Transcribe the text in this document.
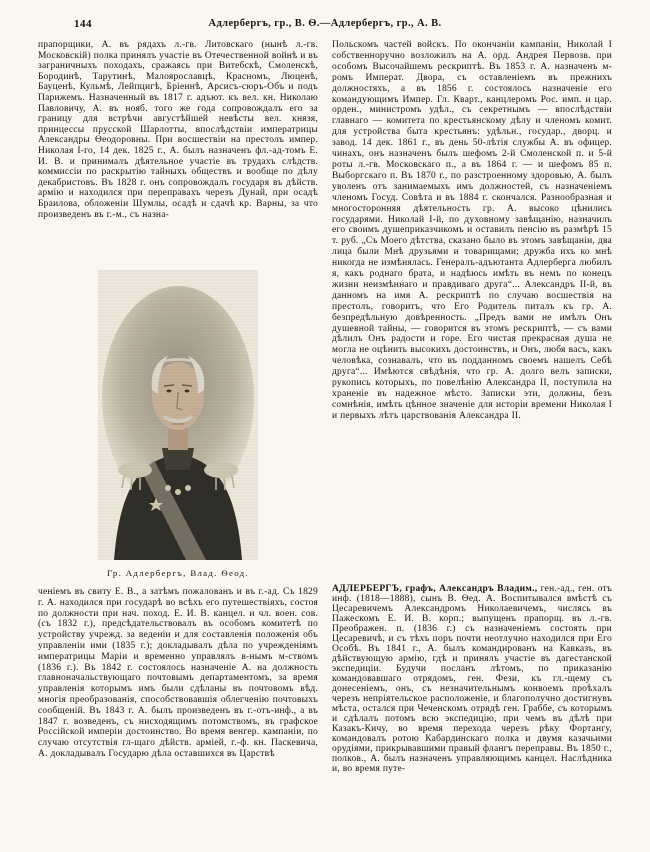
144	Адлербергъ, гр., В. Ѳ.—Адлербергъ, гр., А. В.
прапорщики, А. въ рядахъ л.-гв. Литовскаго (нынѣ л.-гв. Московскій) полка принялъ участіе въ Отечественной войнѣ и въ заграничныхъ походахъ, сражаясь при Витебскѣ, Смоленскѣ, Бородинѣ, Тарутинѣ, Малоярославцѣ, Красномъ, Люценѣ, Бауценѣ, Кульмѣ, Лейпцигѣ, Бріеннѣ, Арсисъ-сюръ-Объ и подъ Парижемъ. Назначенный въ 1817 г. адъют. къ вел. кн. Николаю Павловичу, А. въ нояб. того же года сопровождалъ его за границу для встрѣчи августѣйшей невѣсты вел. князя, принцессы прусской Шарлотты, впослѣдствіи императрицы Александры Ѳеодоровны. При восшествіи на престолъ импер. Николая I-го, 14 дек. 1825 г., А. былъ назначенъ фл.-ад-томъ Е. И. В. и принималъ дѣятельное участіе въ трудахъ слѣдств. коммиссіи по раскрытію тайныхъ обществъ и вообще по дѣлу декабристовъ. Въ 1828 г. онъ сопровождалъ государя въ дѣйств. армію и находился при переправахъ черезъ Дунай, при осадѣ Браилова, обложеніи Шумлы, осадѣ и сдачѣ кр. Варны, за что произведенъ въ г.-м., съ назна-
Гр. Адлербергъ, Влад. Ѳеод.
ченіемъ въ свиту Е. В., а затѣмъ пожалованъ и въ г.-ад. Съ 1829 г. А. находился при государѣ во всѣхъ его путешествіяхъ, состоя по должности при нач. поход. Е. И. В. канцел. и чл. воен. сов. (съ 1832 г.), предсѣдательствовалъ въ особомъ комитетѣ по устройству учрежд. за веденіи и для составленія положенія объ управленіи ими (1835 г.); докладывалъ дѣла по учрежденіямъ императрицы Маріи и временно управлялъ в-нымъ м-ствомъ (1836 г.). Въ 1842 г. состоялось назначеніе А. на должность главноначальствующаго почтовымъ департаментомъ, за время управленія которымъ имъ были сдѣланы въ почтовомъ вѣд. многія преобразованія, способствовавшія облегченію почтовыхъ сообщеній. Въ 1843 г. А. былъ произведенъ въ г.-отъ-инф., а въ 1847 г. возведенъ, съ нисходящимъ потомствомъ, въ графское Россійской имперіи достоинство. Во время венгер. кампаніи, по случаю отсутствія гл-щаго дѣйств. арміей, г.-ф. кн. Паскевича, А. докладывалъ Государю дѣла оставшихся въ Царствѣ
Польскомъ частей войскъ. По окончаніи кампаніи, Николай I собственноручно возложилъ на А. орд. Андрея Первозв. при особомъ Высочайшемъ рескриптѣ. Въ 1853 г. А. назначенъ м-ромъ Императ. Двора, съ оставленіемъ въ прежнихъ должностяхъ, а въ 1856 г. состоялось назначеніе его командующимъ Импер. Гл. Кварт., канцлеромъ Рос. имп. и цар. орден., министромъ удѣл., съ секретнымъ — впослѣдствіи главнаго — комитета по крестьянскому дѣлу и членомъ комит. для устройства быта крестьянъ: удѣльн., государ., дворц. и завод. 14 дек. 1861 г., въ день 50-лѣтія службы А. въ офицер. чинахъ, онъ назначенъ былъ шефомъ 2-й Смоленской п. и 5-й роты л.-гв. Московскаго п., а въ 1864 г. — и шефомъ 85 п. Выборгскаго п. Въ 1870 г., по разстроенному здоровью, А. былъ уволенъ отъ занимаемыхъ имъ должностей, съ назначеніемъ членомъ Госуд. Совѣта и въ 1884 г. скончался. Разнообразная и многосторонняя дѣятельность гр. А. высоко цѣнились государями. Николай I-й, по духовному завѣщанію, назначилъ его своимъ душеприказчикомъ и оставилъ пенсію въ размѣрѣ 15 т. руб. „Съ Моего дѣтства, сказано было въ этомъ завѣщаніи, два лица были Мнѣ друзьями и товарищами; дружба ихъ ко мнѣ никогда не измѣнялась. Генералъ-адъютанта Адлерберга любилъ я, какъ роднаго брата, и надѣюсь имѣть въ немъ по конецъ жизни неизмѣннаго и правдиваго друга“... Александръ II-й, въ данномъ на имя А. рескриптѣ по случаю восшествія на престолъ, говоритъ, что Его Родитель питалъ къ гр. А. безпредѣльную довѣренность. „Предъ вами не имѣлъ Онъ душевной тайны, — говорится въ этомъ рескриптѣ, — съ вами дѣлилъ Онъ радости и горе. Его чистая прекрасная душа не могла не оцѣнить высокихъ достоинствъ, и Онъ, любя васъ, какъ человѣка, сознавалъ, что въ подданномъ своемъ нашелъ Себѣ друга“... Имѣются свѣдѣнія, что гр. А. долго велъ записки, рукопись которыхъ, по повелѣнію Александра II, поступила на храненіе въ надежное мѣсто. Записки эти, должны, безъ сомнѣнія, имѣть цѣнное значеніе для исторіи времени Николая I и первыхъ лѣтъ царствованія Александра II.

АДЛЕРБЕРГЪ, графъ, Александръ Владим., ген.-ад., ген. отъ инф. (1818—1888), сынъ В. Ѳед. А. Воспитывался вмѣстѣ съ Цесаревичемъ Александромъ Николаевичемъ, числясь въ Пажескомъ Е. И. В. корп.; выпущенъ прапорщ. въ л.-гв. Преображен. п. (1836 г.) съ назначеніемъ состоять при Цесаревичѣ, и съ тѣхъ поръ почти неотлучно находился при Его Особѣ. Въ 1841 г., А. былъ командированъ на Кавказъ, въ дѣйствующую армію, гдѣ и принялъ участіе въ дагестанской экспедиціи. Будучи посланъ лѣтомъ, по приказанію командовавшаго отрядомъ, ген. Фези, къ гл.-щему съ донесеніемъ, онъ, съ незначительнымъ конвоемъ проѣхалъ черезъ непріятельское расположеніе, и благополучно достигнувъ мѣста, остался при Чеченскомъ отрядѣ ген. Граббе, съ которымъ и сдѣлалъ потомъ всю экспедицію, при чемъ въ дѣлѣ при Казакъ-Кичу, во время перехода черезъ рѣку Фортангу, командовалъ ротою Кабардинскаго полка и двумя казачьими орудіями, прикрывавшими правый флангъ переправы. Въ 1850 г., полков., А. былъ назначенъ управляющимъ канцел. Наслѣдника и, во время путе-
